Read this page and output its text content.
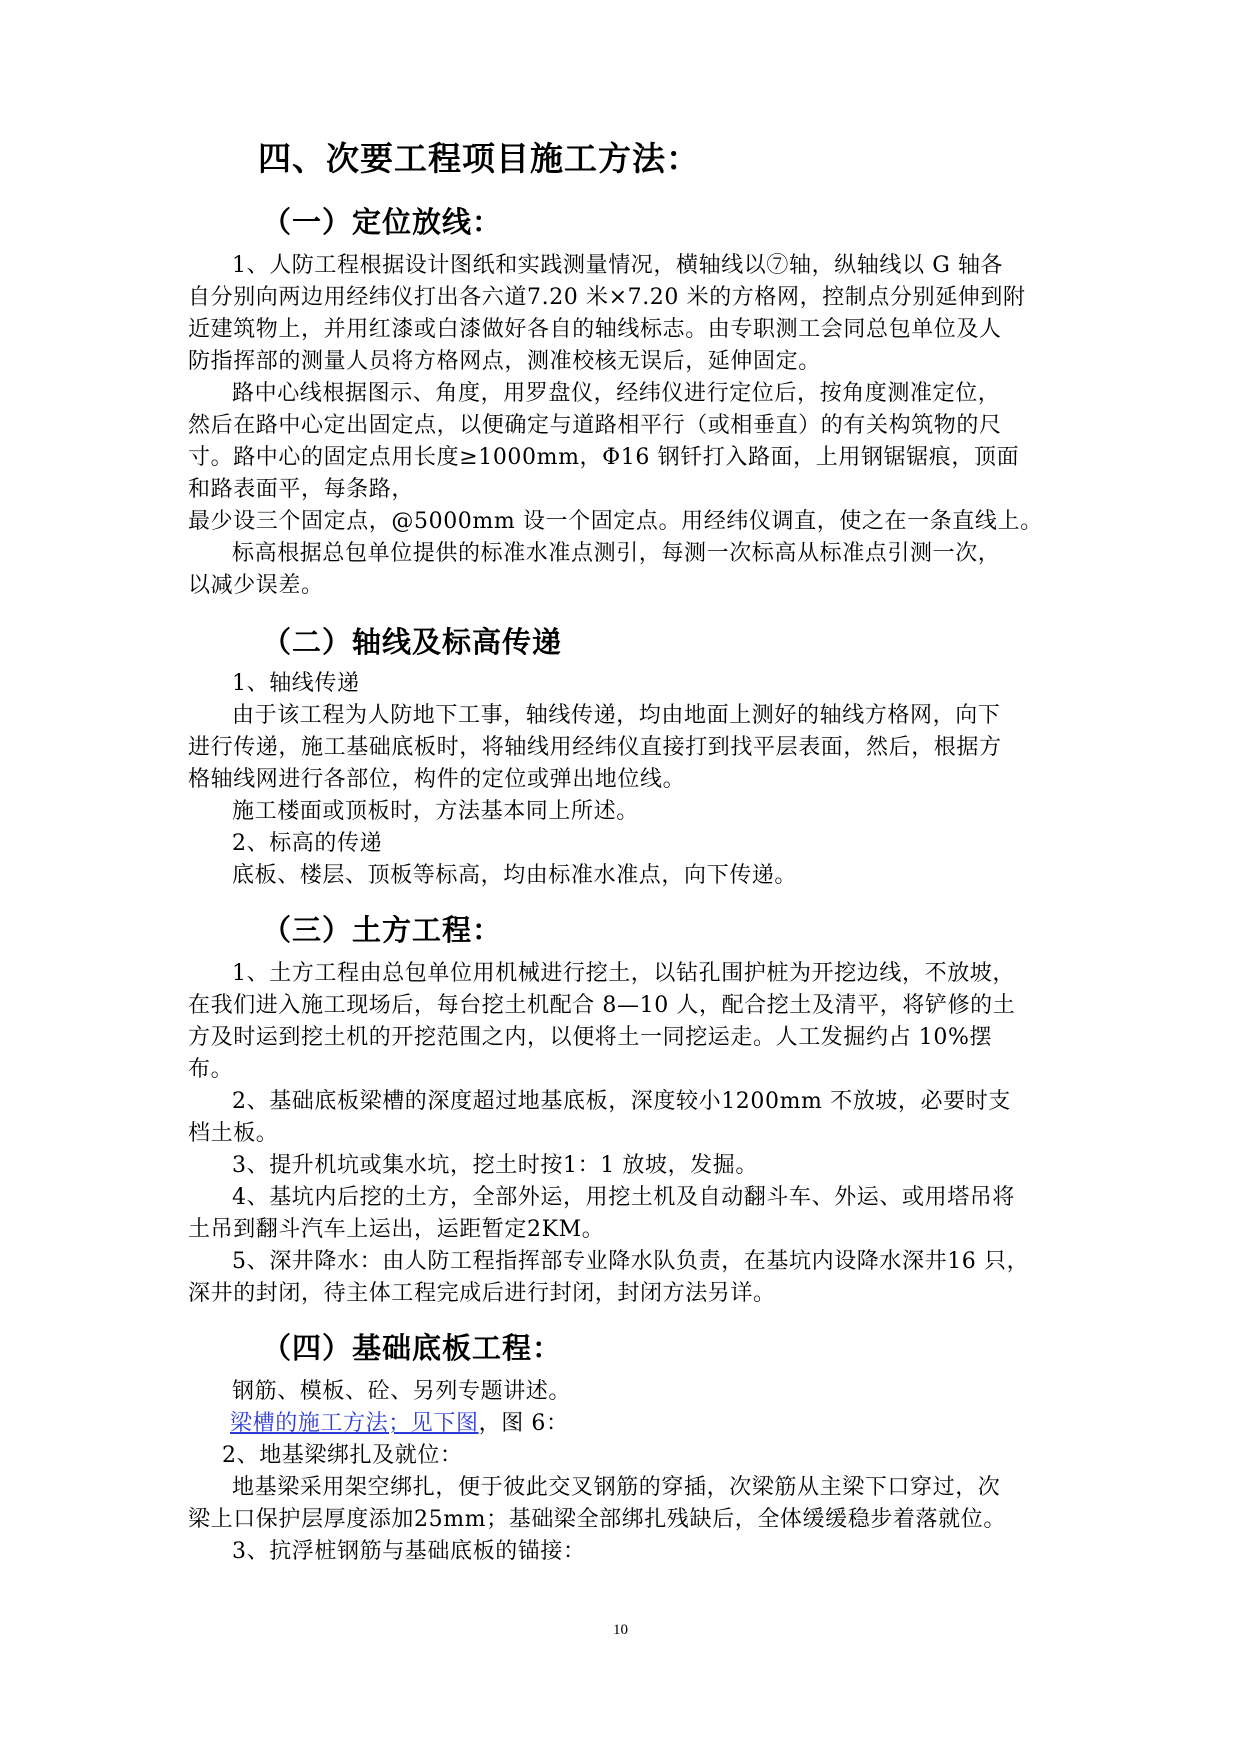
四、次要工程项目施工方法：
（一）定位放线：
1、人防工程根据设计图纸和实践测量情况，横轴线以⑦轴，纵轴线以 G 轴各
自分别向两边用经纬仪打出各六道7.20 米×7.20 米的方格网，控制点分别延伸到附
近建筑物上，并用红漆或白漆做好各自的轴线标志。由专职测工会同总包单位及人
防指挥部的测量人员将方格网点，测准校核无误后，延伸固定。
路中心线根据图示、角度，用罗盘仪，经纬仪进行定位后，按角度测准定位，
然后在路中心定出固定点，以便确定与道路相平行（或相垂直）的有关构筑物的尺
寸。路中心的固定点用长度≥1000mm，Φ16 钢钎打入路面，上用钢锯锯痕，顶面
和路表面平，每条路，
最少设三个固定点，@5000mm 设一个固定点。用经纬仪调直，使之在一条直线上。
标高根据总包单位提供的标准水准点测引，每测一次标高从标准点引测一次，
以减少误差。
（二）轴线及标高传递
1、轴线传递
由于该工程为人防地下工事，轴线传递，均由地面上测好的轴线方格网，向下
进行传递，施工基础底板时，将轴线用经纬仪直接打到找平层表面，然后，根据方
格轴线网进行各部位，构件的定位或弹出地位线。
施工楼面或顶板时，方法基本同上所述。
2、标高的传递
底板、楼层、顶板等标高，均由标准水准点，向下传递。
（三）土方工程：
1、土方工程由总包单位用机械进行挖土，以钻孔围护桩为开挖边线，不放坡，
在我们进入施工现场后，每台挖土机配合 8—10 人，配合挖土及清平，将铲修的土
方及时运到挖土机的开挖范围之内，以便将土一同挖运走。人工发掘约占 10%摆
布。
2、基础底板梁槽的深度超过地基底板，深度较小1200mm 不放坡，必要时支
档土板。
3、提升机坑或集水坑，挖土时按1：1 放坡，发掘。
4、基坑内后挖的土方，全部外运，用挖土机及自动翻斗车、外运、或用塔吊将
土吊到翻斗汽车上运出，运距暂定2KM。
5、深井降水：由人防工程指挥部专业降水队负责，在基坑内设降水深井16 只，
深井的封闭，待主体工程完成后进行封闭，封闭方法另详。
（四）基础底板工程：
钢筋、模板、砼、另列专题讲述。
梁槽的施工方法；见下图，图 6：
2、地基梁绑扎及就位：
地基梁采用架空绑扎，便于彼此交叉钢筋的穿插，次梁筋从主梁下口穿过，次
梁上口保护层厚度添加25mm；基础梁全部绑扎残缺后，全体缓缓稳步着落就位。
3、抗浮桩钢筋与基础底板的锚接：
10
